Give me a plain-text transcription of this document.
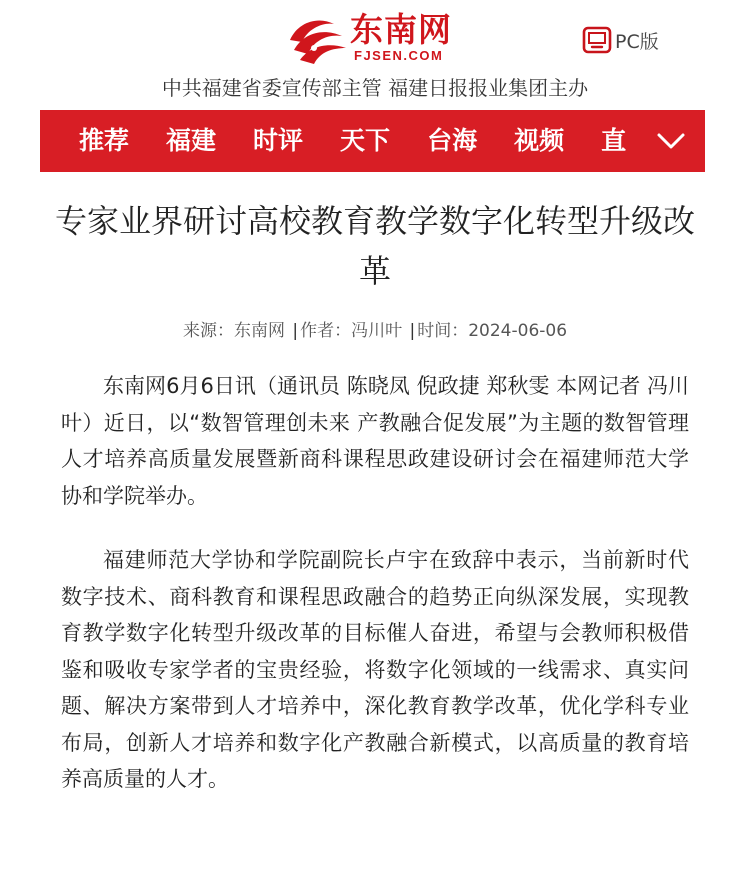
东南网
FJSEN.COM
PC版
中共福建省委宣传部主管 福建日报报业集团主办
推荐 福建 时评 天下 台海 视频 直
专家业界研讨高校教育教学数字化转型升级改革
来源：东南网 | 作者：冯川叶 | 时间：2024-06-06

东南网6月6日讯（通讯员 陈晓凤 倪政捷 郑秋雯 本网记者 冯川叶）近日，以“数智管理创未来 产教融合促发展”为主题的数智管理人才培养高质量发展暨新商科课程思政建设研讨会在福建师范大学协和学院举办。

福建师范大学协和学院副院长卢宇在致辞中表示，当前新时代数字技术、商科教育和课程思政融合的趋势正向纵深发展，实现教育教学数字化转型升级改革的目标催人奋进，希望与会教师积极借鉴和吸收专家学者的宝贵经验，将数字化领域的一线需求、真实问题、解决方案带到人才培养中，深化教育教学改革，优化学科专业布局，创新人才培养和数字化产教融合新模式，以高质量的教育培养高质量的人才。
